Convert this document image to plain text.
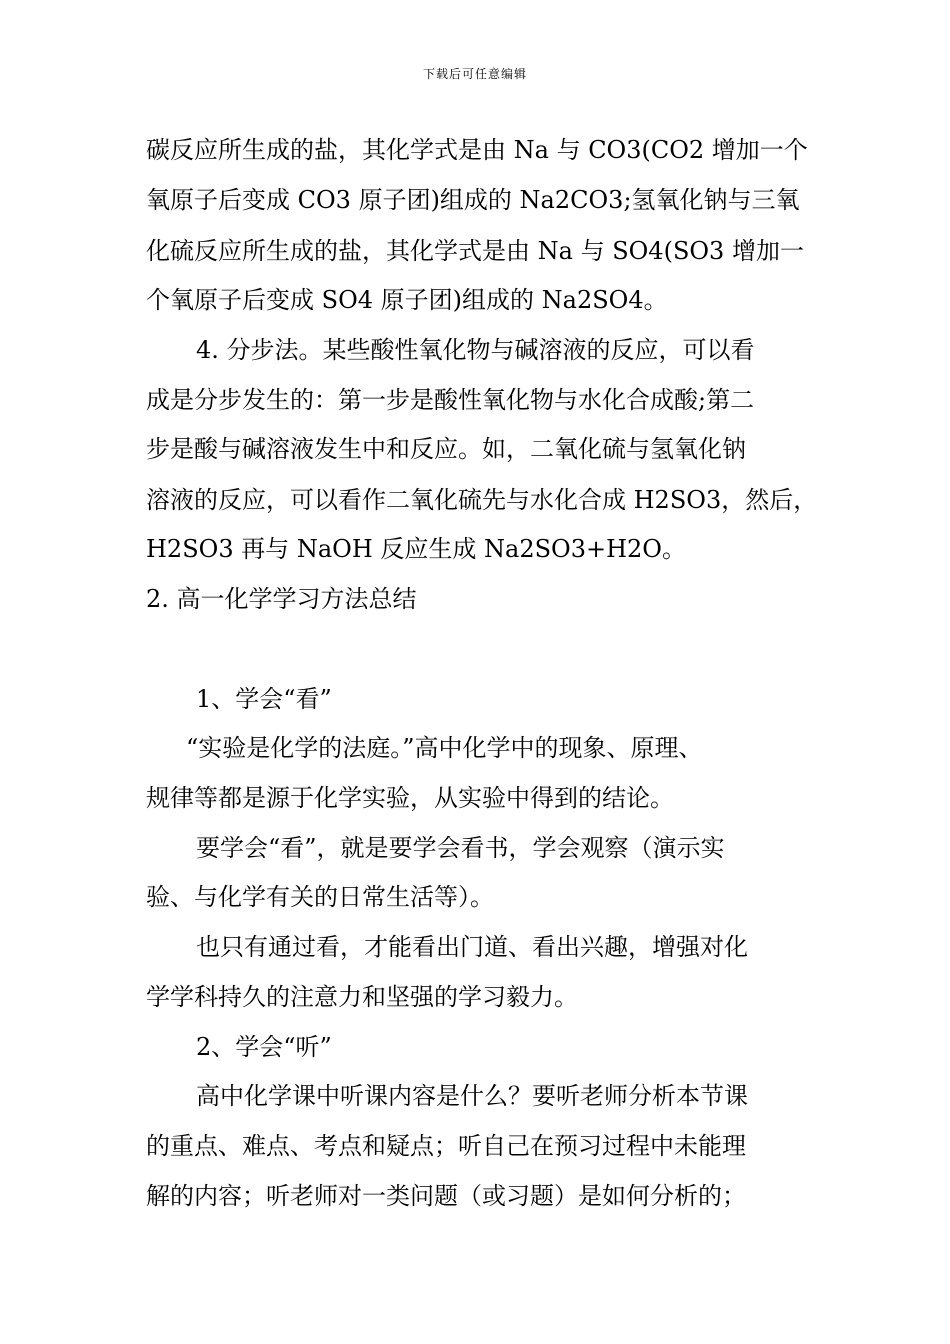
下载后可任意编辑
碳反应所生成的盐，其化学式是由 Na 与 CO3(CO2 增加一个
氧原子后变成 CO3 原子团)组成的 Na2CO3;氢氧化钠与三氧
化硫反应所生成的盐，其化学式是由 Na 与 SO4(SO3 增加一
个氧原子后变成 SO4 原子团)组成的 Na2SO4。
4. 分步法。某些酸性氧化物与碱溶液的反应，可以看
成是分步发生的：第一步是酸性氧化物与水化合成酸;第二
步是酸与碱溶液发生中和反应。如，二氧化硫与氢氧化钠
溶液的反应，可以看作二氧化硫先与水化合成 H2SO3，然后，
H2SO3 再与 NaOH 反应生成 Na2SO3+H2O。
2. 高一化学学习方法总结
1、学会“看”
“实验是化学的法庭。”高中化学中的现象、原理、
规律等都是源于化学实验，从实验中得到的结论。
要学会“看”，就是要学会看书，学会观察（演示实
验、与化学有关的日常生活等）。
也只有通过看，才能看出门道、看出兴趣，增强对化
学学科持久的注意力和坚强的学习毅力。
2、学会“听”
高中化学课中听课内容是什么？要听老师分析本节课
的重点、难点、考点和疑点；听自己在预习过程中未能理
解的内容；听老师对一类问题（或习题）是如何分析的；
